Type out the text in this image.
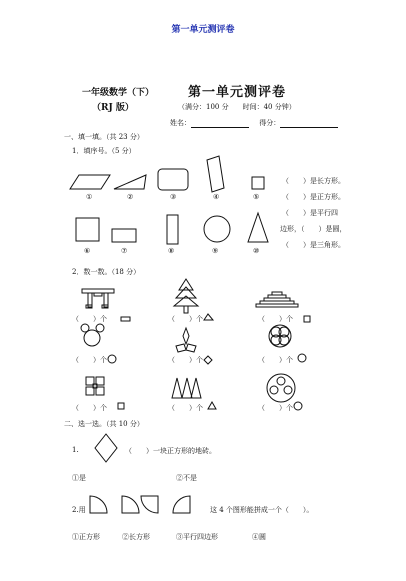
第一单元测评卷
一年级数学（下）
（RJ 版）
第一单元测评卷
（满分：100 分　　时间：40 分钟）
姓名：	得分：
一、填一填。（共 23 分）
1．填序号。（5 分）
①	②	③	④	⑤
⑥	⑦	⑧	⑨	⑩
（　　）是长方形。
（　　）是正方形。
（　　）是平行四
边形，（　　）是圆，
（　　）是三角形。
2．数一数。（18 分）
（　　）个	（　　）个	（　　）个
（　　）个	（　　）个	（　　）个
（　　）个	（　　）个	（　　）个
二、选一选。（共 10 分）
1.	（　　）一块正方形的地砖。
①是	②不是
2.用	这 4 个图形能拼成一个（　　）。
①正方形	②长方形	③平行四边形	④圆
